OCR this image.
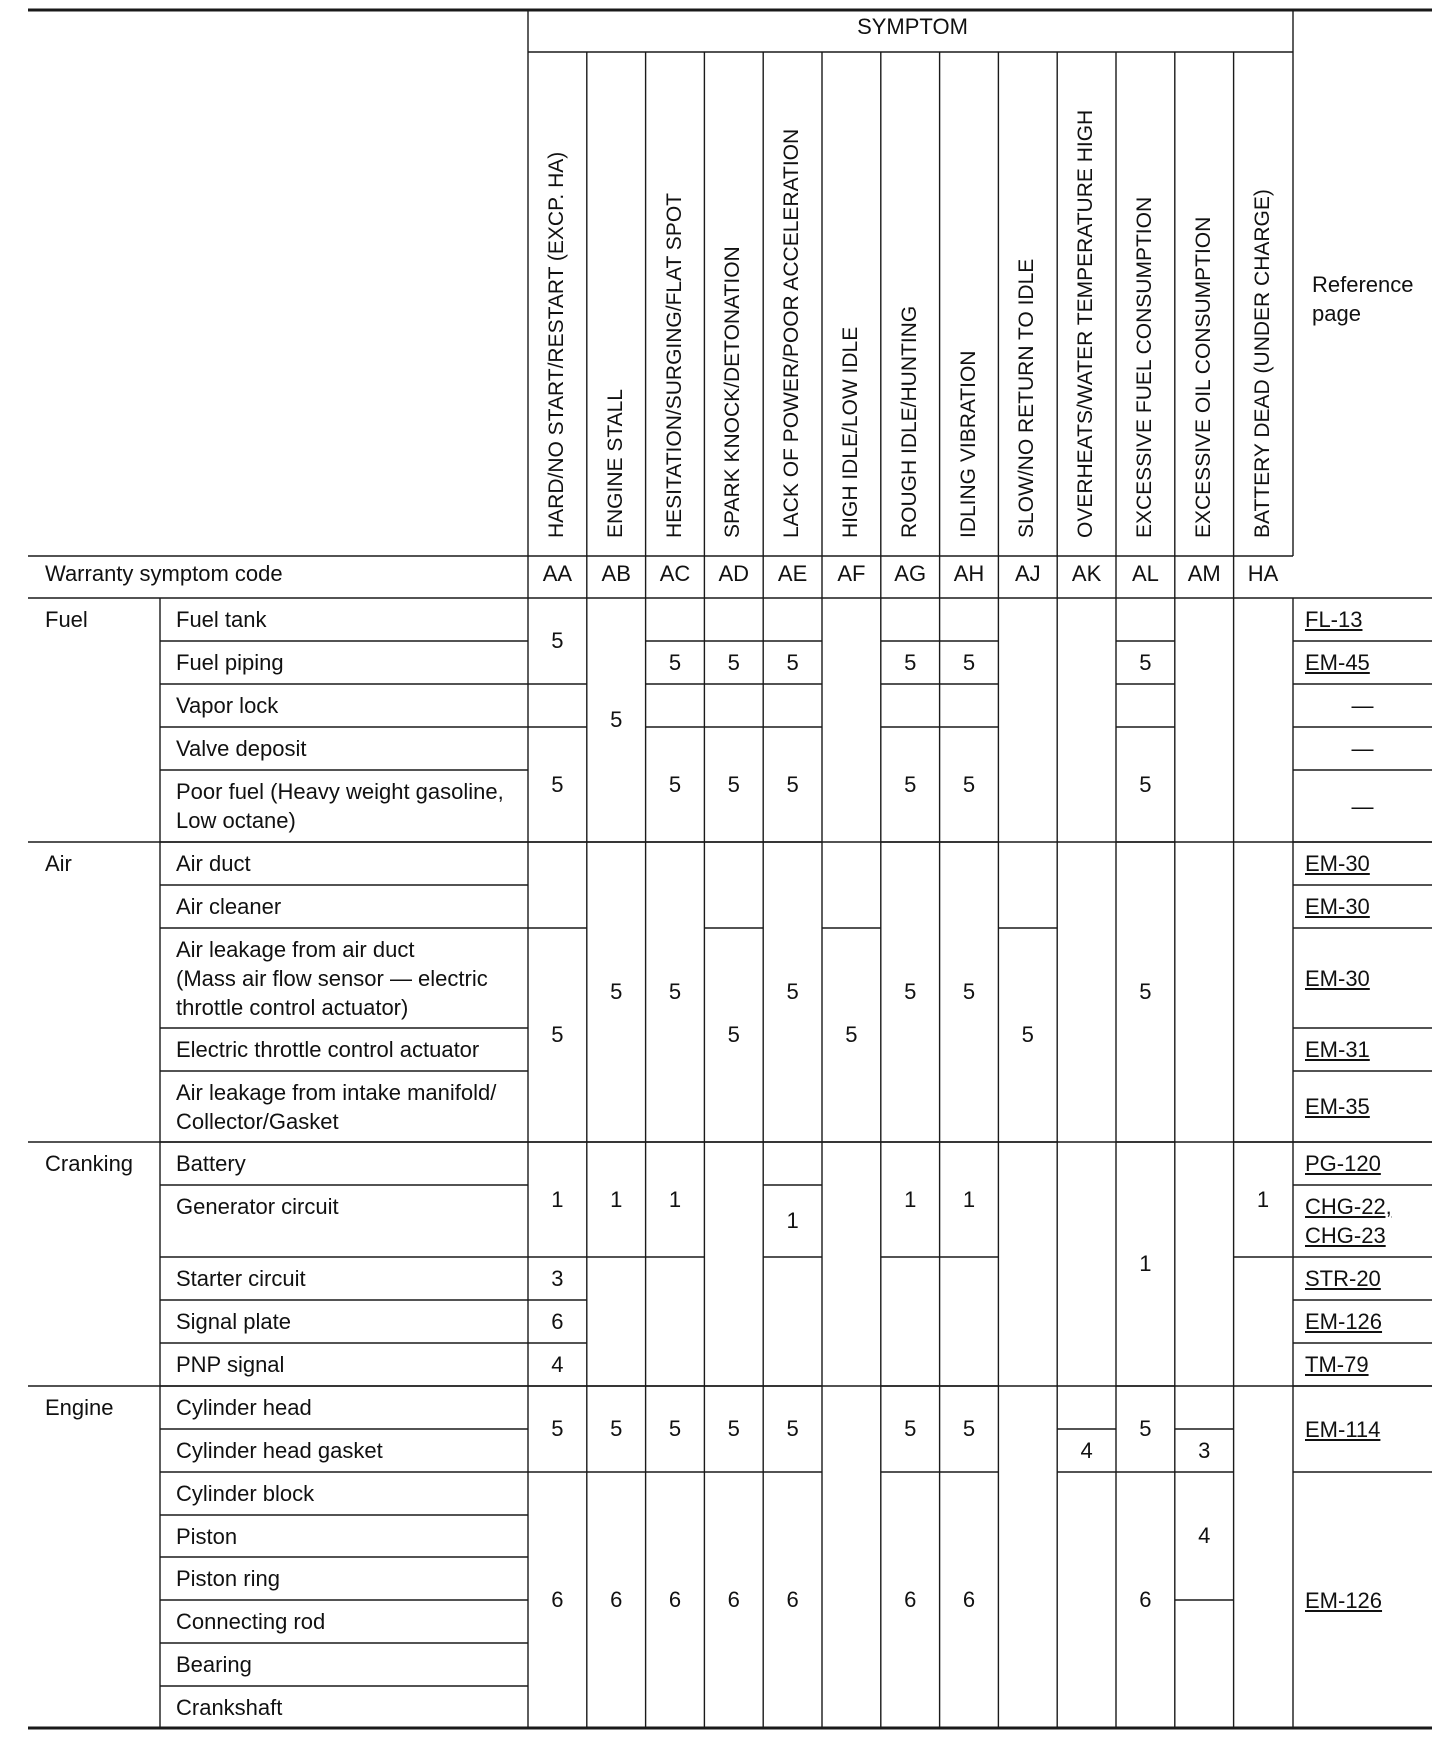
SYMPTOM
Reference page
Warranty symptom code
Fuel
Air
Cranking
Engine
Fuel tank
Fuel piping
Vapor lock
Valve deposit
Poor fuel (Heavy weight gasoline,
Low octane)
Air duct
Air cleaner
Air leakage from air duct
(Mass air flow sensor — electric
throttle control actuator)
Electric throttle control actuator
Air leakage from intake manifold/
Collector/Gasket
Battery
Generator circuit
Starter circuit
Signal plate
PNP signal
Cylinder head
Cylinder head gasket
Cylinder block
Piston
Piston ring
Connecting rod
Bearing
Crankshaft
HARD/NO START/RESTART (EXCP. HA)
AA
ENGINE STALL
AB
HESITATION/SURGING/FLAT SPOT
AC
SPARK KNOCK/DETONATION
AD
LACK OF POWER/POOR ACCELERATION
AE
HIGH IDLE/LOW IDLE
AF
ROUGH IDLE/HUNTING
AG
IDLING VIBRATION
AH
SLOW/NO RETURN TO IDLE
AJ
OVERHEATS/WATER TEMPERATURE HIGH
AK
EXCESSIVE FUEL CONSUMPTION
AL
EXCESSIVE OIL CONSUMPTION
AM
BATTERY DEAD (UNDER CHARGE)
HA
5
5
5
1
3
6
4
5
6
5
5
1
5
6
5
5
5
1
5
6
5
5
5
5
6
5
5
5
1
5
6
5
5
5
5
1
5
6
5
5
5
1
5
6
5
4
5
5
5
1
5
6
3
4
1
FL-13
EM-45
—
—
—
EM-30
EM-30
EM-30
EM-31
EM-35
PG-120
CHG-22,
CHG-23
STR-20
EM-126
TM-79
EM-114
EM-126
